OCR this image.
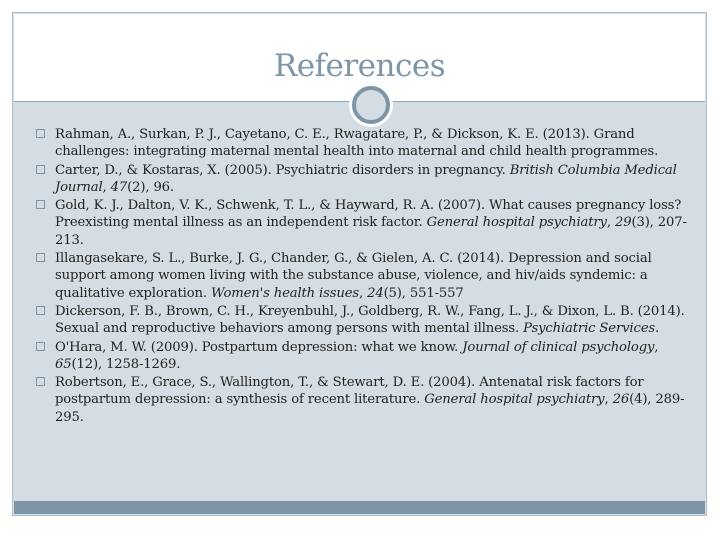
References
Rahman, A., Surkan, P. J., Cayetano, C. E., Rwagatare, P., & Dickson, K. E. (2013). Grand challenges: integrating maternal mental health into maternal and child health programmes.
Carter, D., & Kostaras, X. (2005). Psychiatric disorders in pregnancy. British Columbia Medical Journal, 47(2), 96.
Gold, K. J., Dalton, V. K., Schwenk, T. L., & Hayward, R. A. (2007). What causes pregnancy loss? Preexisting mental illness as an independent risk factor. General hospital psychiatry, 29(3), 207-213.
Illangasekare, S. L., Burke, J. G., Chander, G., & Gielen, A. C. (2014). Depression and social support among women living with the substance abuse, violence, and hiv/aids syndemic: a qualitative exploration. Women's health issues, 24(5), 551-557
Dickerson, F. B., Brown, C. H., Kreyenbuhl, J., Goldberg, R. W., Fang, L. J., & Dixon, L. B. (2014). Sexual and reproductive behaviors among persons with mental illness. Psychiatric Services.
O'Hara, M. W. (2009). Postpartum depression: what we know. Journal of clinical psychology, 65(12), 1258-1269.
Robertson, E., Grace, S., Wallington, T., & Stewart, D. E. (2004). Antenatal risk factors for postpartum depression: a synthesis of recent literature. General hospital psychiatry, 26(4), 289-295.
